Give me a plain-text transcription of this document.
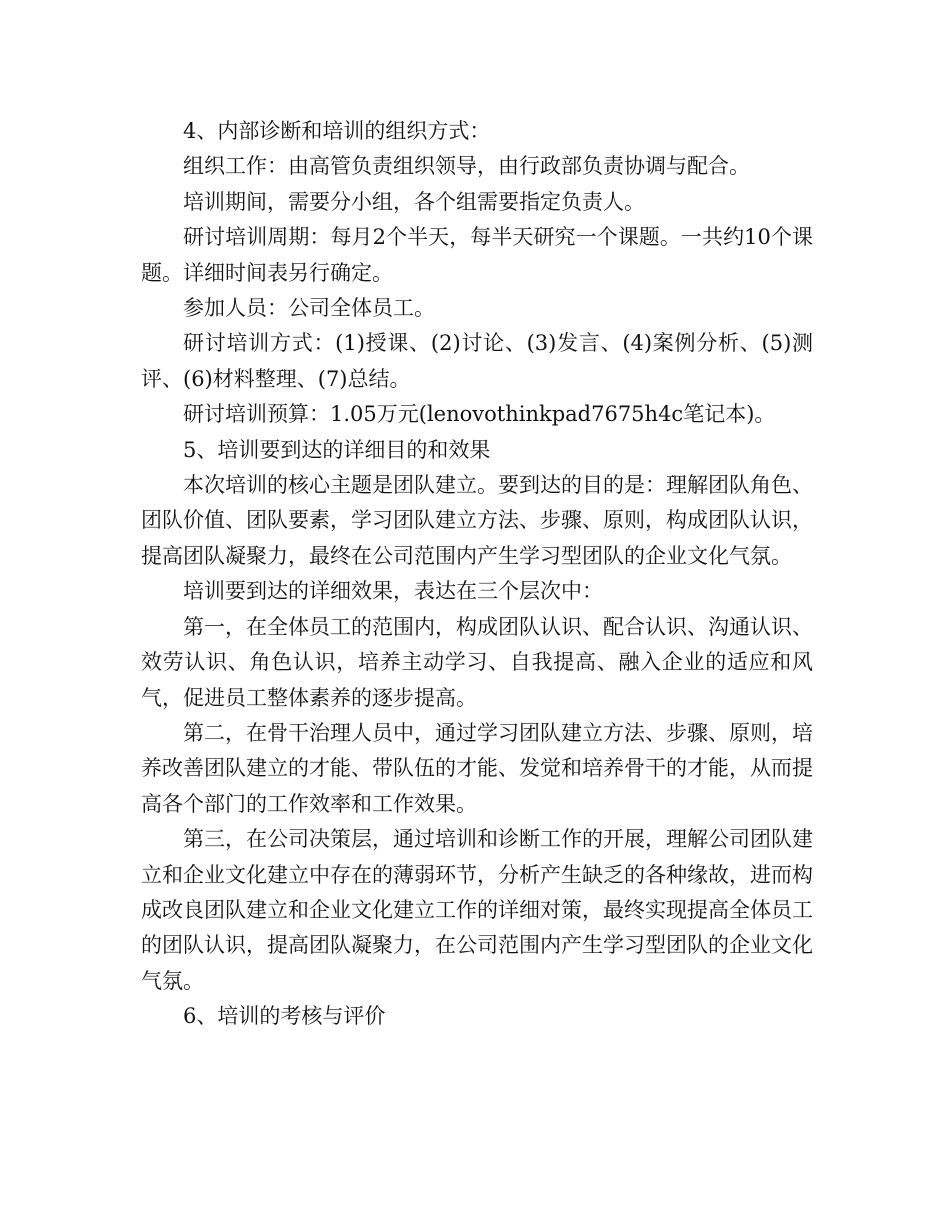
4、内部诊断和培训的组织方式：

组织工作：由高管负责组织领导，由行政部负责协调与配合。

培训期间，需要分小组，各个组需要指定负责人。

研讨培训周期：每月2个半天，每半天研究一个课题。一共约10个课题。详细时间表另行确定。

参加人员：公司全体员工。

研讨培训方式：(1)授课、(2)讨论、(3)发言、(4)案例分析、(5)测评、(6)材料整理、(7)总结。

研讨培训预算：1.05万元(lenovothinkpad7675h4c笔记本)。

5、培训要到达的详细目的和效果

本次培训的核心主题是团队建立。要到达的目的是：理解团队角色、团队价值、团队要素，学习团队建立方法、步骤、原则，构成团队认识，提高团队凝聚力，最终在公司范围内产生学习型团队的企业文化气氛。

培训要到达的详细效果，表达在三个层次中：

第一，在全体员工的范围内，构成团队认识、配合认识、沟通认识、效劳认识、角色认识，培养主动学习、自我提高、融入企业的适应和风气，促进员工整体素养的逐步提高。

第二，在骨干治理人员中，通过学习团队建立方法、步骤、原则，培养改善团队建立的才能、带队伍的才能、发觉和培养骨干的才能，从而提高各个部门的工作效率和工作效果。

第三，在公司决策层，通过培训和诊断工作的开展，理解公司团队建立和企业文化建立中存在的薄弱环节，分析产生缺乏的各种缘故，进而构成改良团队建立和企业文化建立工作的详细对策，最终实现提高全体员工的团队认识，提高团队凝聚力，在公司范围内产生学习型团队的企业文化气氛。

6、培训的考核与评价
